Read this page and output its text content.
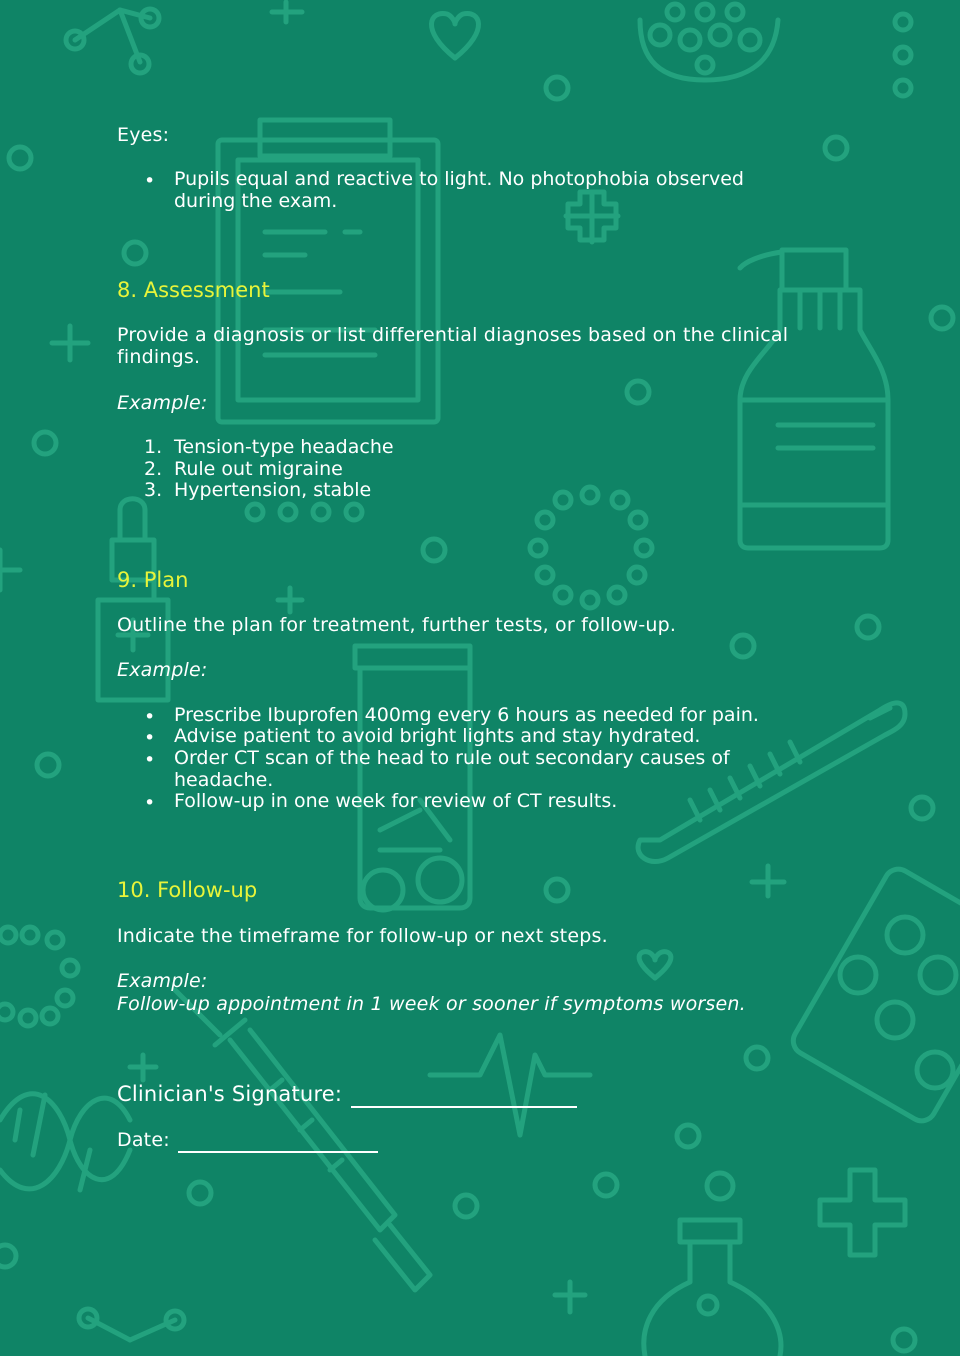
Eyes:
• Pupils equal and reactive to light. No photophobia observed
during the exam.
8. Assessment
Provide a diagnosis or list differential diagnoses based on the clinical
findings.
Example:
1. Tension-type headache
2. Rule out migraine
3. Hypertension, stable
9. Plan
Outline the plan for treatment, further tests, or follow-up.
Example:
• Prescribe Ibuprofen 400mg every 6 hours as needed for pain.
• Advise patient to avoid bright lights and stay hydrated.
• Order CT scan of the head to rule out secondary causes of
headache.
• Follow-up in one week for review of CT results.
10. Follow-up
Indicate the timeframe for follow-up or next steps.
Example:
Follow-up appointment in 1 week or sooner if symptoms worsen.
Clinician's Signature:
Date:
